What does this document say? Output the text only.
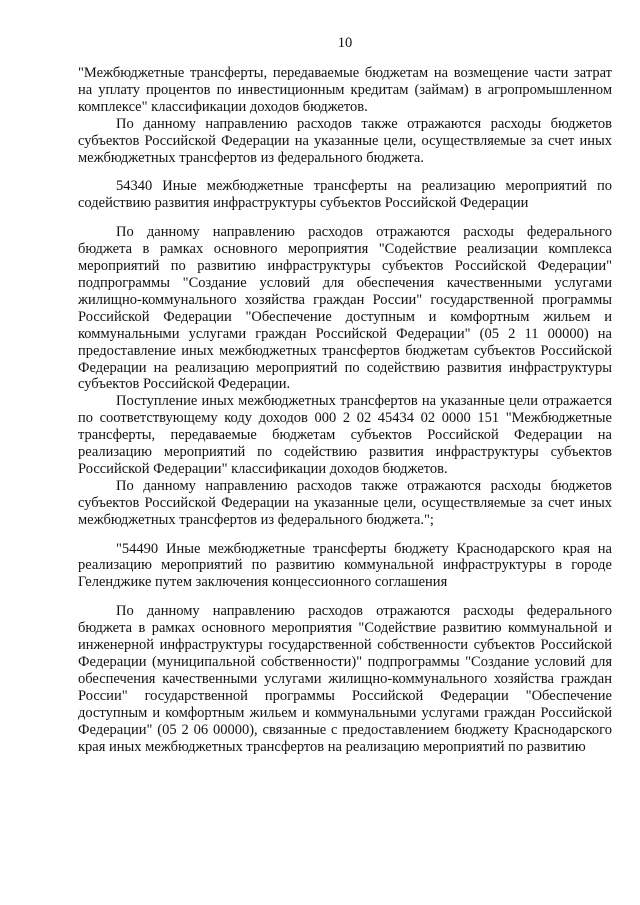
10

"Межбюджетные трансферты, передаваемые бюджетам на возмещение части затрат на уплату процентов по инвестиционным кредитам (займам) в агропромышленном комплексе" классификации доходов бюджетов.

По данному направлению расходов также отражаются расходы бюджетов субъектов Российской Федерации на указанные цели, осуществляемые за счет иных межбюджетных трансфертов из федерального бюджета.

54340 Иные межбюджетные трансферты на реализацию мероприятий по содействию развития инфраструктуры субъектов Российской Федерации

По данному направлению расходов отражаются расходы федерального бюджета в рамках основного мероприятия "Содействие реализации комплекса мероприятий по развитию инфраструктуры субъектов Российской Федерации" подпрограммы "Создание условий для обеспечения качественными услугами жилищно-коммунального хозяйства граждан России" государственной программы Российской Федерации "Обеспечение доступным и комфортным жильем и коммунальными услугами граждан Российской Федерации" (05 2 11 00000) на предоставление иных межбюджетных трансфертов бюджетам субъектов Российской Федерации на реализацию мероприятий по содействию развития инфраструктуры субъектов Российской Федерации.

Поступление иных межбюджетных трансфертов на указанные цели отражается по соответствующему коду доходов 000 2 02 45434 02 0000 151 "Межбюджетные трансферты, передаваемые бюджетам субъектов Российской Федерации на реализацию мероприятий по содействию развития инфраструктуры субъектов Российской Федерации" классификации доходов бюджетов.

По данному направлению расходов также отражаются расходы бюджетов субъектов Российской Федерации на указанные цели, осуществляемые за счет иных межбюджетных трансфертов из федерального бюджета.";

"54490 Иные межбюджетные трансферты бюджету Краснодарского края на реализацию мероприятий по развитию коммунальной инфраструктуры в городе Геленджике путем заключения концессионного соглашения

По данному направлению расходов отражаются расходы федерального бюджета в рамках основного мероприятия "Содействие развитию коммунальной и инженерной инфраструктуры государственной собственности субъектов Российской Федерации (муниципальной собственности)" подпрограммы "Создание условий для обеспечения качественными услугами жилищно-коммунального хозяйства граждан России" государственной программы Российской Федерации "Обеспечение доступным и комфортным жильем и коммунальными услугами граждан Российской Федерации" (05 2 06 00000), связанные с предоставлением бюджету Краснодарского края иных межбюджетных трансфертов на реализацию мероприятий по развитию
